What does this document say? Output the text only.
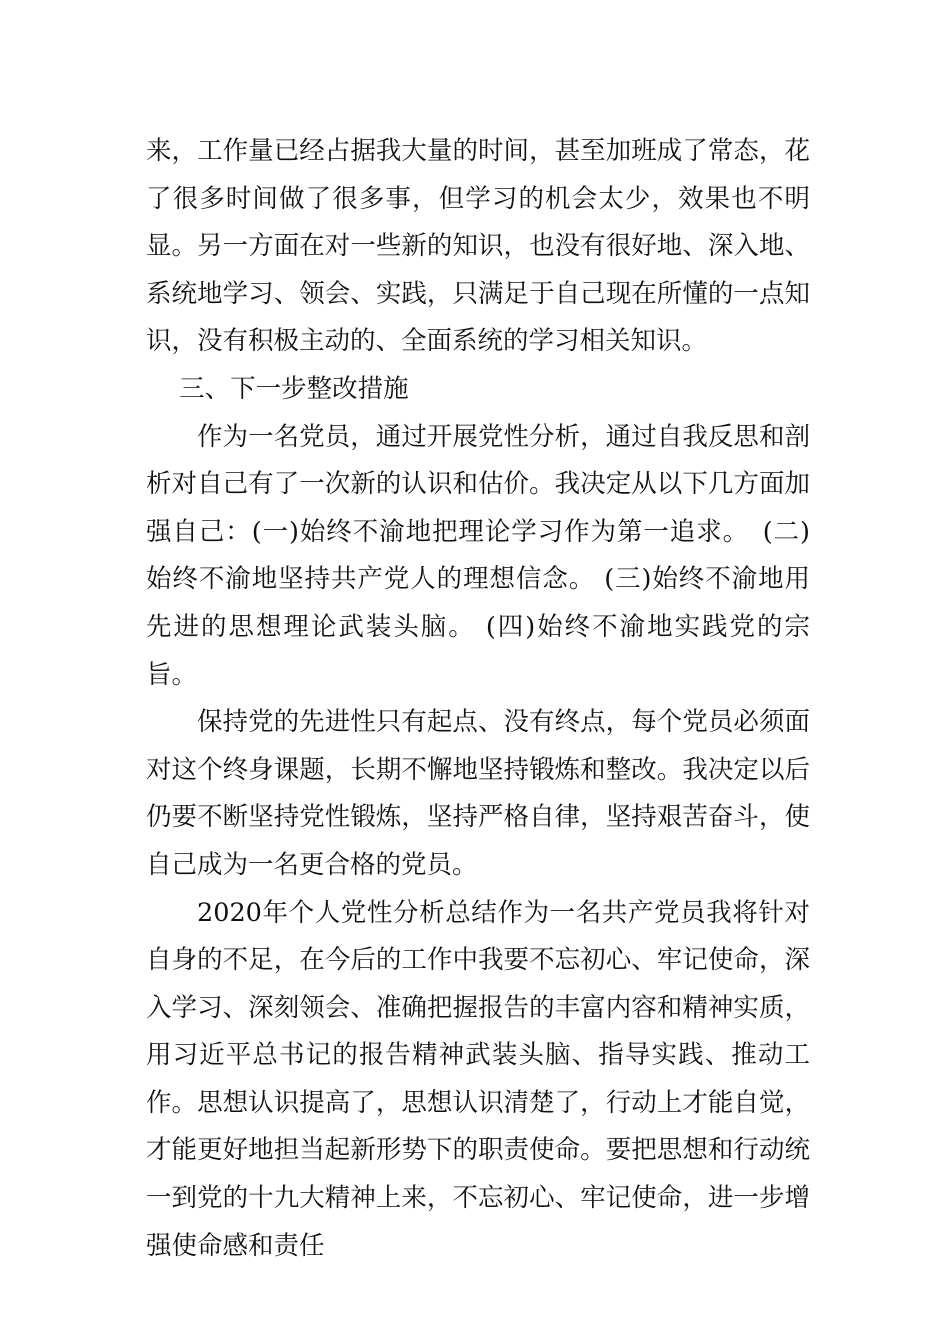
来，工作量已经占据我大量的时间，甚至加班成了常态，花了很多时间做了很多事，但学习的机会太少，效果也不明显。另一方面在对一些新的知识，也没有很好地、深入地、系统地学习、领会、实践，只满足于自己现在所懂的一点知识，没有积极主动的、全面系统的学习相关知识。

三、下一步整改措施

作为一名党员，通过开展党性分析，通过自我反思和剖析对自己有了一次新的认识和估价。我决定从以下几方面加强自己：(一)始终不渝地把理论学习作为第一追求。　(二)始终不渝地坚持共产党人的理想信念。 (三)始终不渝地用先进的思想理论武装头脑。 (四)始终不渝地实践党的宗旨。

保持党的先进性只有起点、没有终点，每个党员必须面对这个终身课题，长期不懈地坚持锻炼和整改。我决定以后仍要不断坚持党性锻炼，坚持严格自律，坚持艰苦奋斗，使自己成为一名更合格的党员。

2020年个人党性分析总结作为一名共产党员我将针对自身的不足，在今后的工作中我要不忘初心、牢记使命，深入学习、深刻领会、准确把握报告的丰富内容和精神实质，用习近平总书记的报告精神武装头脑、指导实践、推动工作。思想认识提高了，思想认识清楚了，行动上才能自觉，才能更好地担当起新形势下的职责使命。要把思想和行动统一到党的十九大精神上来，不忘初心、牢记使命，进一步增强使命感和责任
